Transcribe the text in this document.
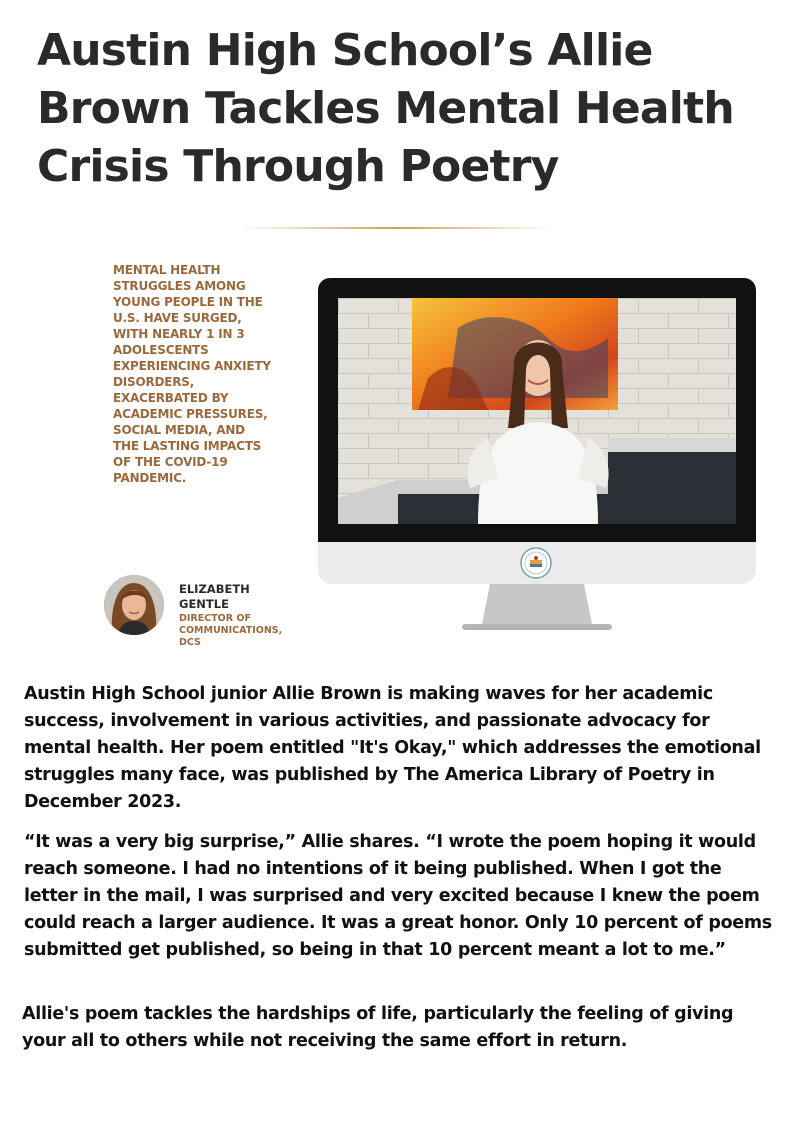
Austin High School’s Allie Brown Tackles Mental Health Crisis Through Poetry

MENTAL HEALTH STRUGGLES AMONG YOUNG PEOPLE IN THE U.S. HAVE SURGED, WITH NEARLY 1 IN 3 ADOLESCENTS EXPERIENCING ANXIETY DISORDERS, EXACERBATED BY ACADEMIC PRESSURES, SOCIAL MEDIA, AND THE LASTING IMPACTS OF THE COVID-19 PANDEMIC.

ELIZABETH GENTLE
DIRECTOR OF COMMUNICATIONS, DCS

Austin High School junior Allie Brown is making waves for her academic success, involvement in various activities, and passionate advocacy for mental health. Her poem entitled "It's Okay," which addresses the emotional struggles many face, was published by The America Library of Poetry in December 2023.

“It was a very big surprise,” Allie shares. “I wrote the poem hoping it would reach someone. I had no intentions of it being published. When I got the letter in the mail, I was surprised and very excited because I knew the poem could reach a larger audience. It was a great honor. Only 10 percent of poems submitted get published, so being in that 10 percent meant a lot to me.”

Allie's poem tackles the hardships of life, particularly the feeling of giving your all to others while not receiving the same effort in return.
